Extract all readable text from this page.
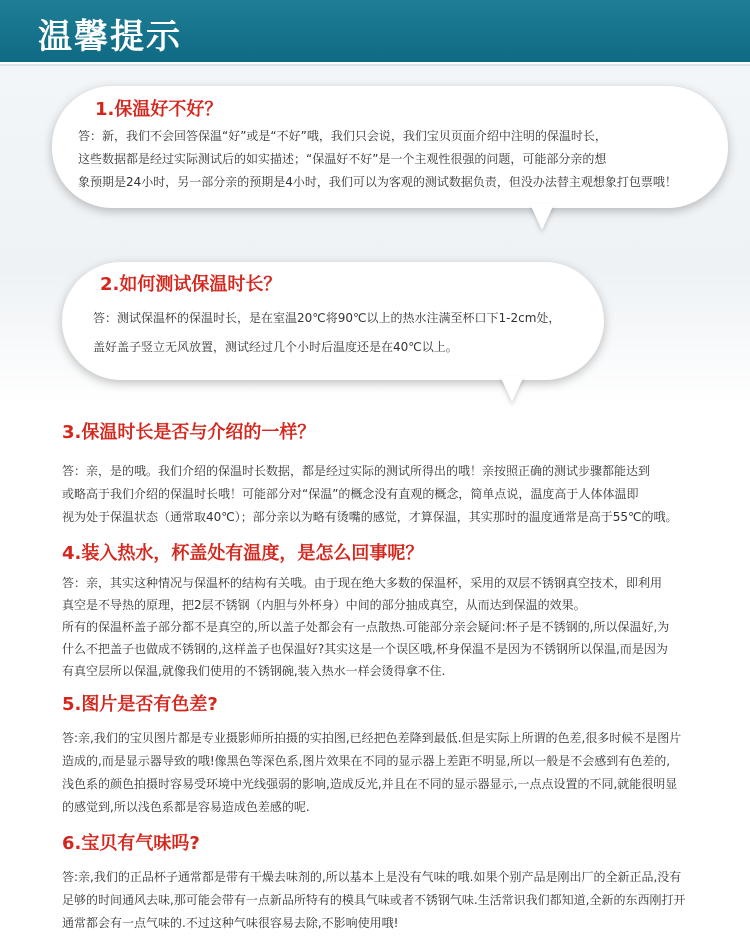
温馨提示
1.保温好不好？
答：新，我们不会回答保温“好”或是“不好”哦，我们只会说，我们宝贝页面介绍中注明的保温时长，
这些数据都是经过实际测试后的如实描述；“保温好不好”是一个主观性很强的问题，可能部分亲的想
象预期是24小时，另一部分亲的预期是4小时，我们可以为客观的测试数据负责，但没办法替主观想象打包票哦！
2.如何测试保温时长？
答：测试保温杯的保温时长，是在室温20℃将90℃以上的热水注满至杯口下1-2cm处，
盖好盖子竖立无风放置，测试经过几个小时后温度还是在40℃以上。
3.保温时长是否与介绍的一样？
答：亲，是的哦。我们介绍的保温时长数据，都是经过实际的测试所得出的哦！亲按照正确的测试步骤都能达到
或略高于我们介绍的保温时长哦！可能部分对“保温”的概念没有直观的概念，简单点说，温度高于人体体温即
视为处于保温状态（通常取40℃）；部分亲以为略有烫嘴的感觉，才算保温，其实那时的温度通常是高于55℃的哦。
4.装入热水，杯盖处有温度，是怎么回事呢？
答：亲，其实这种情况与保温杯的结构有关哦。由于现在绝大多数的保温杯，采用的双层不锈钢真空技术，即利用
真空是不导热的原理，把2层不锈钢（内胆与外杯身）中间的部分抽成真空，从而达到保温的效果。
所有的保温杯盖子部分都不是真空的,所以盖子处都会有一点散热.可能部分亲会疑问:杯子是不锈钢的,所以保温好,为
什么不把盖子也做成不锈钢的,这样盖子也保温好?其实这是一个误区哦,杯身保温不是因为不锈钢所以保温,而是因为
有真空层所以保温,就像我们使用的不锈钢碗,装入热水一样会烫得拿不住.
5.图片是否有色差?
答:亲,我们的宝贝图片都是专业摄影师所拍摄的实拍图,已经把色差降到最低.但是实际上所谓的色差,很多时候不是图片
造成的,而是显示器导致的哦!像黑色等深色系,图片效果在不同的显示器上差距不明显,所以一般是不会感到有色差的,
浅色系的颜色拍摄时容易受环境中光线强弱的影响,造成反光,并且在不同的显示器显示,一点点设置的不同,就能很明显
的感觉到,所以浅色系都是容易造成色差感的呢.
6.宝贝有气味吗?
答:亲,我们的正品杯子通常都是带有干燥去味剂的,所以基本上是没有气味的哦.如果个别产品是刚出厂的全新正品,没有
足够的时间通风去味,那可能会带有一点新品所特有的模具气味或者不锈钢气味.生活常识我们都知道,全新的东西刚打开
通常都会有一点气味的.不过这种气味很容易去除,不影响使用哦!
